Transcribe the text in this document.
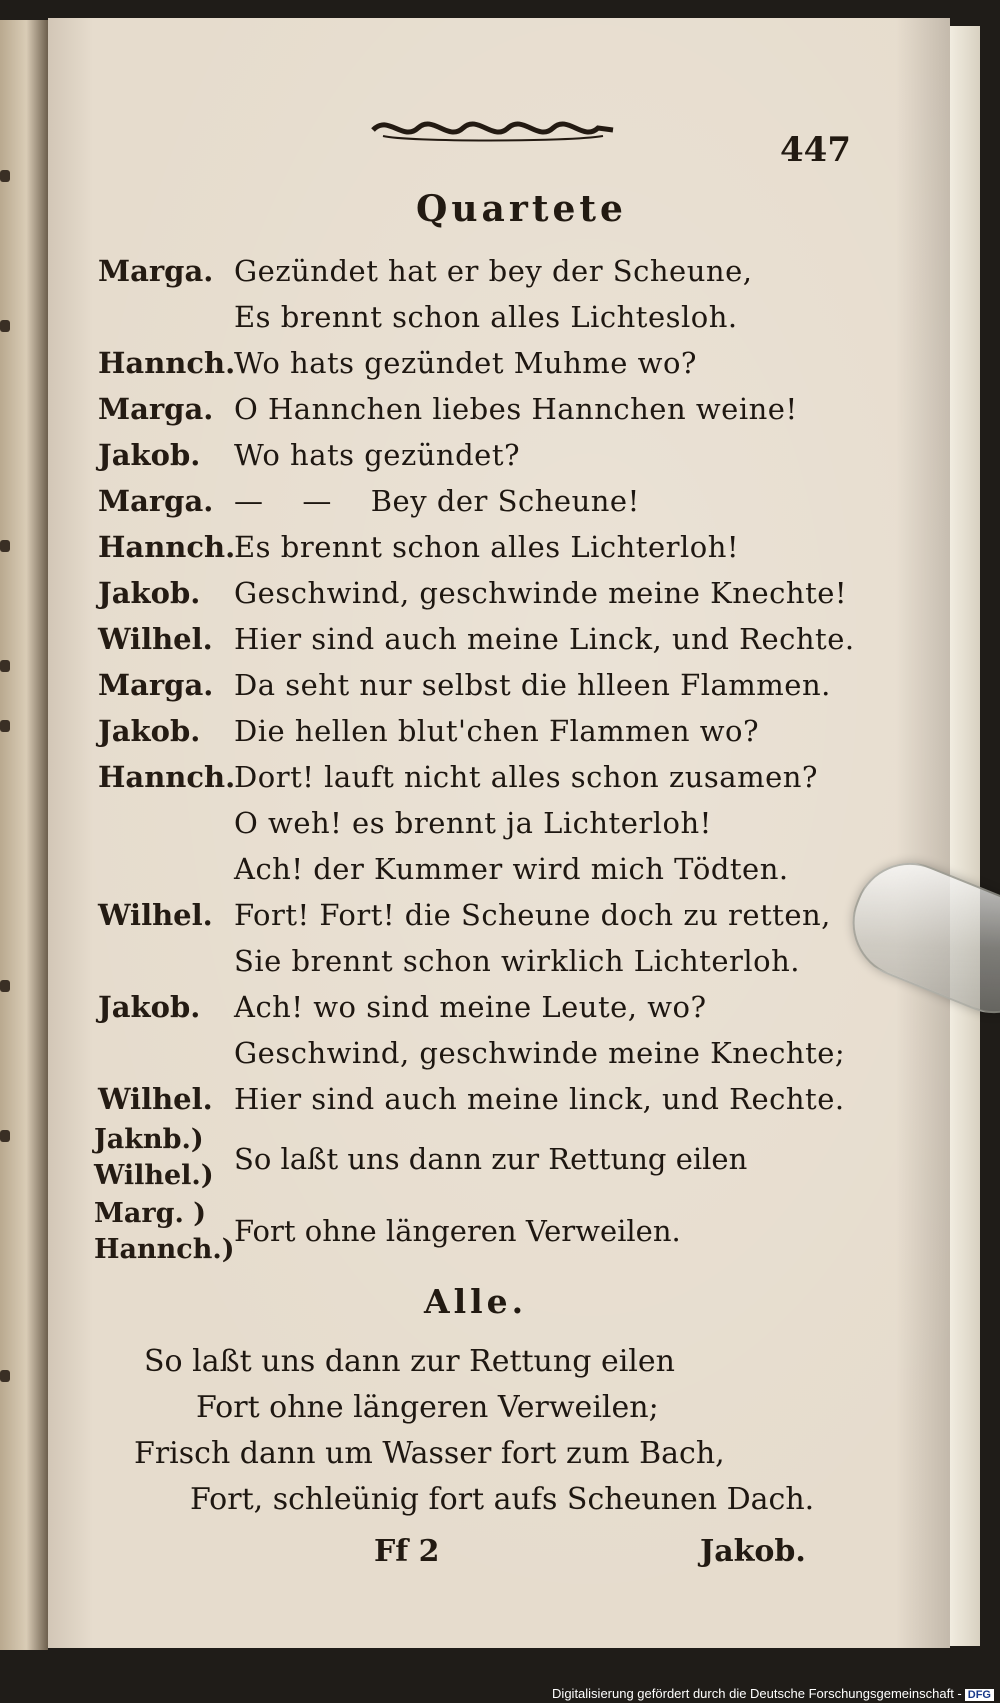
447
Quartete
Marga. Gezündet hat er bey der Scheune,
Es brennt schon alles Lichtesloh.
Hannch.
Wo hats gezündet Muhme wo?
Marga. O Hannchen liebes Hannchen weine!
Jakob. Wo hats gezündet?
Marga. —    —    Bey der Scheune!
Hannch.
Es brennt schon alles Lichterloh!
Jakob. Geschwind, geschwinde meine Knechte!
Wilhel. Hier sind auch meine Linck, und Rechte.
Marga. Da seht nur selbst die hlleen Flammen.
Jakob. Die hellen blut'chen Flammen wo?
Hannch.
Dort! lauft nicht alles schon zusamen?
O weh! es brennt ja Lichterloh!
Ach! der Kummer wird mich Tödten.
Wilhel. Fort! Fort! die Scheune doch zu retten,
Sie brennt schon wirklich Lichterloh.
Jakob. Ach! wo sind meine Leute, wo?
Geschwind, geschwinde meine Knechte;
Wilhel. Hier sind auch meine linck, und Rechte.
Jaknb.)
Wilhel.) So laßt uns dann zur Rettung eilen
Marg. )
Hannch.)
Fort ohne längeren Verweilen.
Alle.
So laßt uns dann zur Rettung eilen
Fort ohne längeren Verweilen;
Frisch dann um Wasser fort zum Bach,
Fort, schleünig fort aufs Scheunen Dach.
Ff 2	Jakob.
Digitalisierung gefördert durch die Deutsche Forschungsgemeinschaft - DFG
